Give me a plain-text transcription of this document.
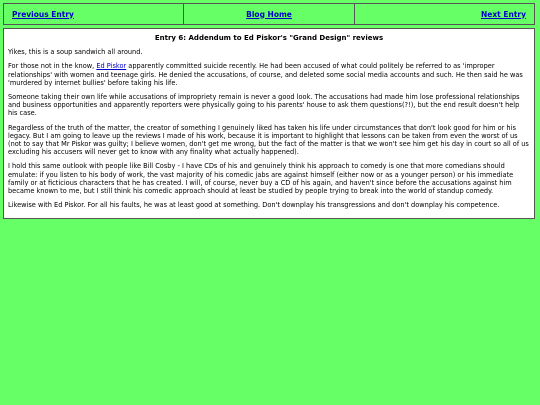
Previous Entry	Blog Home	Next Entry
Entry 6: Addendum to Ed Piskor's "Grand Design" reviews

Yikes, this is a soup sandwich all around.

For those not in the know, Ed Piskor apparently committed suicide recently. He had been accused of what could politely be referred to as 'improper relationships' with women and teenage girls. He denied the accusations, of course, and deleted some social media accounts and such. He then said he was 'murdered by internet bullies' before taking his life.

Someone taking their own life while accusations of impropriety remain is never a good look. The accusations had made him lose professional relationships and business opportunities and apparently reporters were physically going to his parents' house to ask them questions(?!), but the end result doesn't help his case.

Regardless of the truth of the matter, the creator of something I genuinely liked has taken his life under circumstances that don't look good for him or his legacy. But I am going to leave up the reviews I made of his work, because it is important to highlight that lessons can be taken from even the worst of us (not to say that Mr Piskor was guilty; I believe women, don't get me wrong, but the fact of the matter is that we won't see him get his day in court so all of us excluding his accusers will never get to know with any finality what actually happened).

I hold this same outlook with people like Bill Cosby - I have CDs of his and genuinely think his approach to comedy is one that more comedians should emulate: if you listen to his body of work, the vast majority of his comedic jabs are against himself (either now or as a younger person) or his immediate family or at ficticious characters that he has created. I will, of course, never buy a CD of his again, and haven't since before the accusations against him became known to me, but I still think his comedic approach should at least be studied by people trying to break into the world of standup comedy.

Likewise with Ed Piskor. For all his faults, he was at least good at something. Don't downplay his transgressions and don't downplay his competence.
